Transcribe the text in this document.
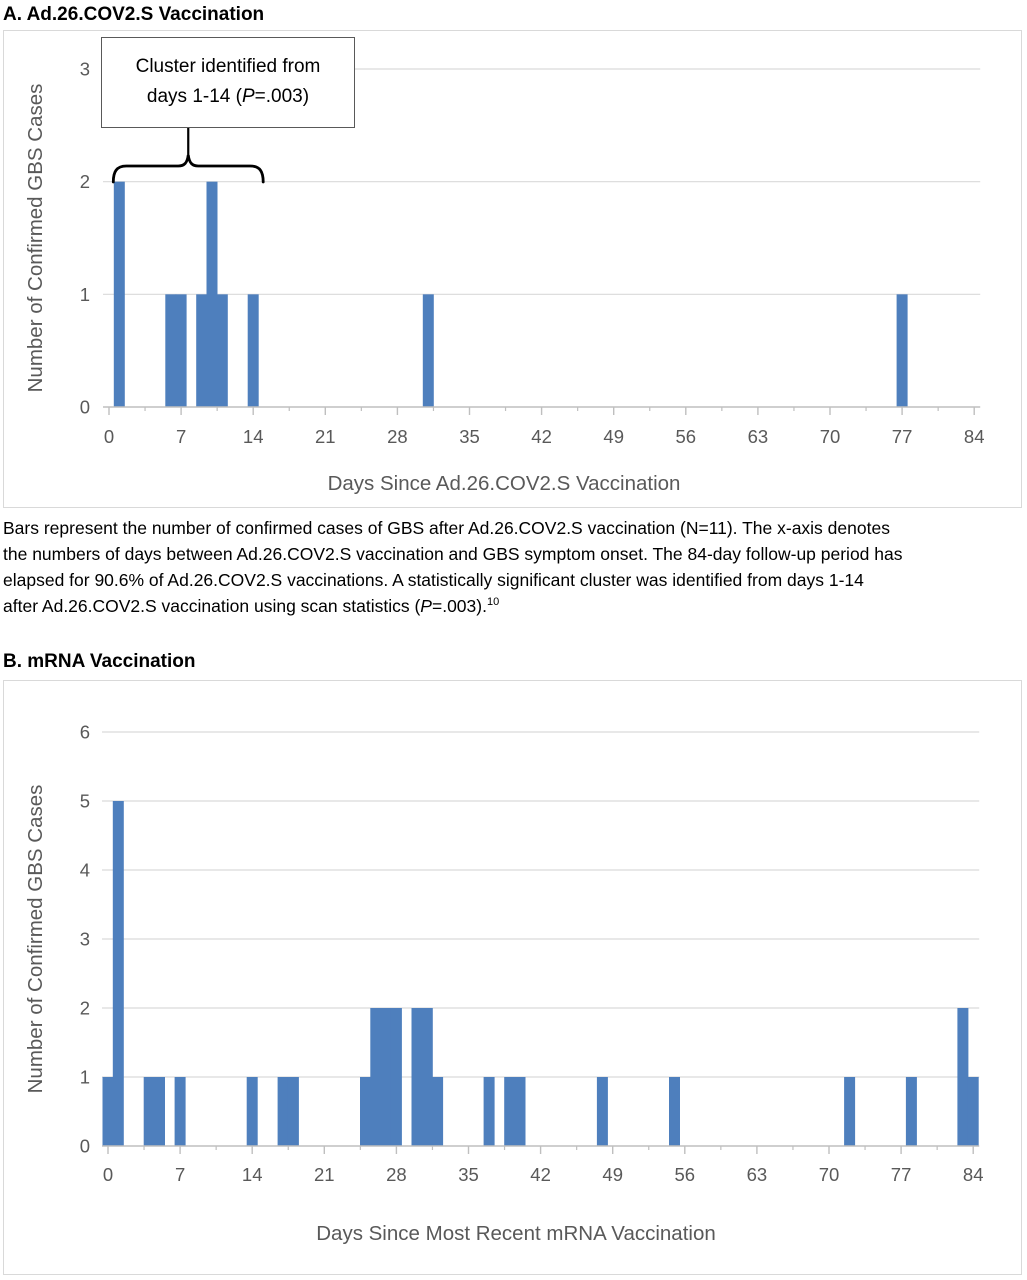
A. Ad.26.COV2.S Vaccination
0	7	14	21	28	35	42	49	56	63	70	77	84
0
1
2
3
Days Since Ad.26.COV2.S Vaccination
Number of Confirmed GBS Cases
Cluster identified from
days 1-14 (P=.003)
Bars represent the number of confirmed cases of GBS after Ad.26.COV2.S vaccination (N=11). The x-axis denotes
the numbers of days between Ad.26.COV2.S vaccination and GBS symptom onset. The 84-day follow-up period has
elapsed for 90.6% of Ad.26.COV2.S vaccinations. A statistically significant cluster was identified from days 1-14
after Ad.26.COV2.S vaccination using scan statistics (P=.003).$^{10}$
B. mRNA Vaccination
0	7	14	21	28	35	42	49	56	63	70	77	84
0
1
2
3
4
5
6
Days Since Most Recent mRNA Vaccination
Number of Confirmed GBS Cases
